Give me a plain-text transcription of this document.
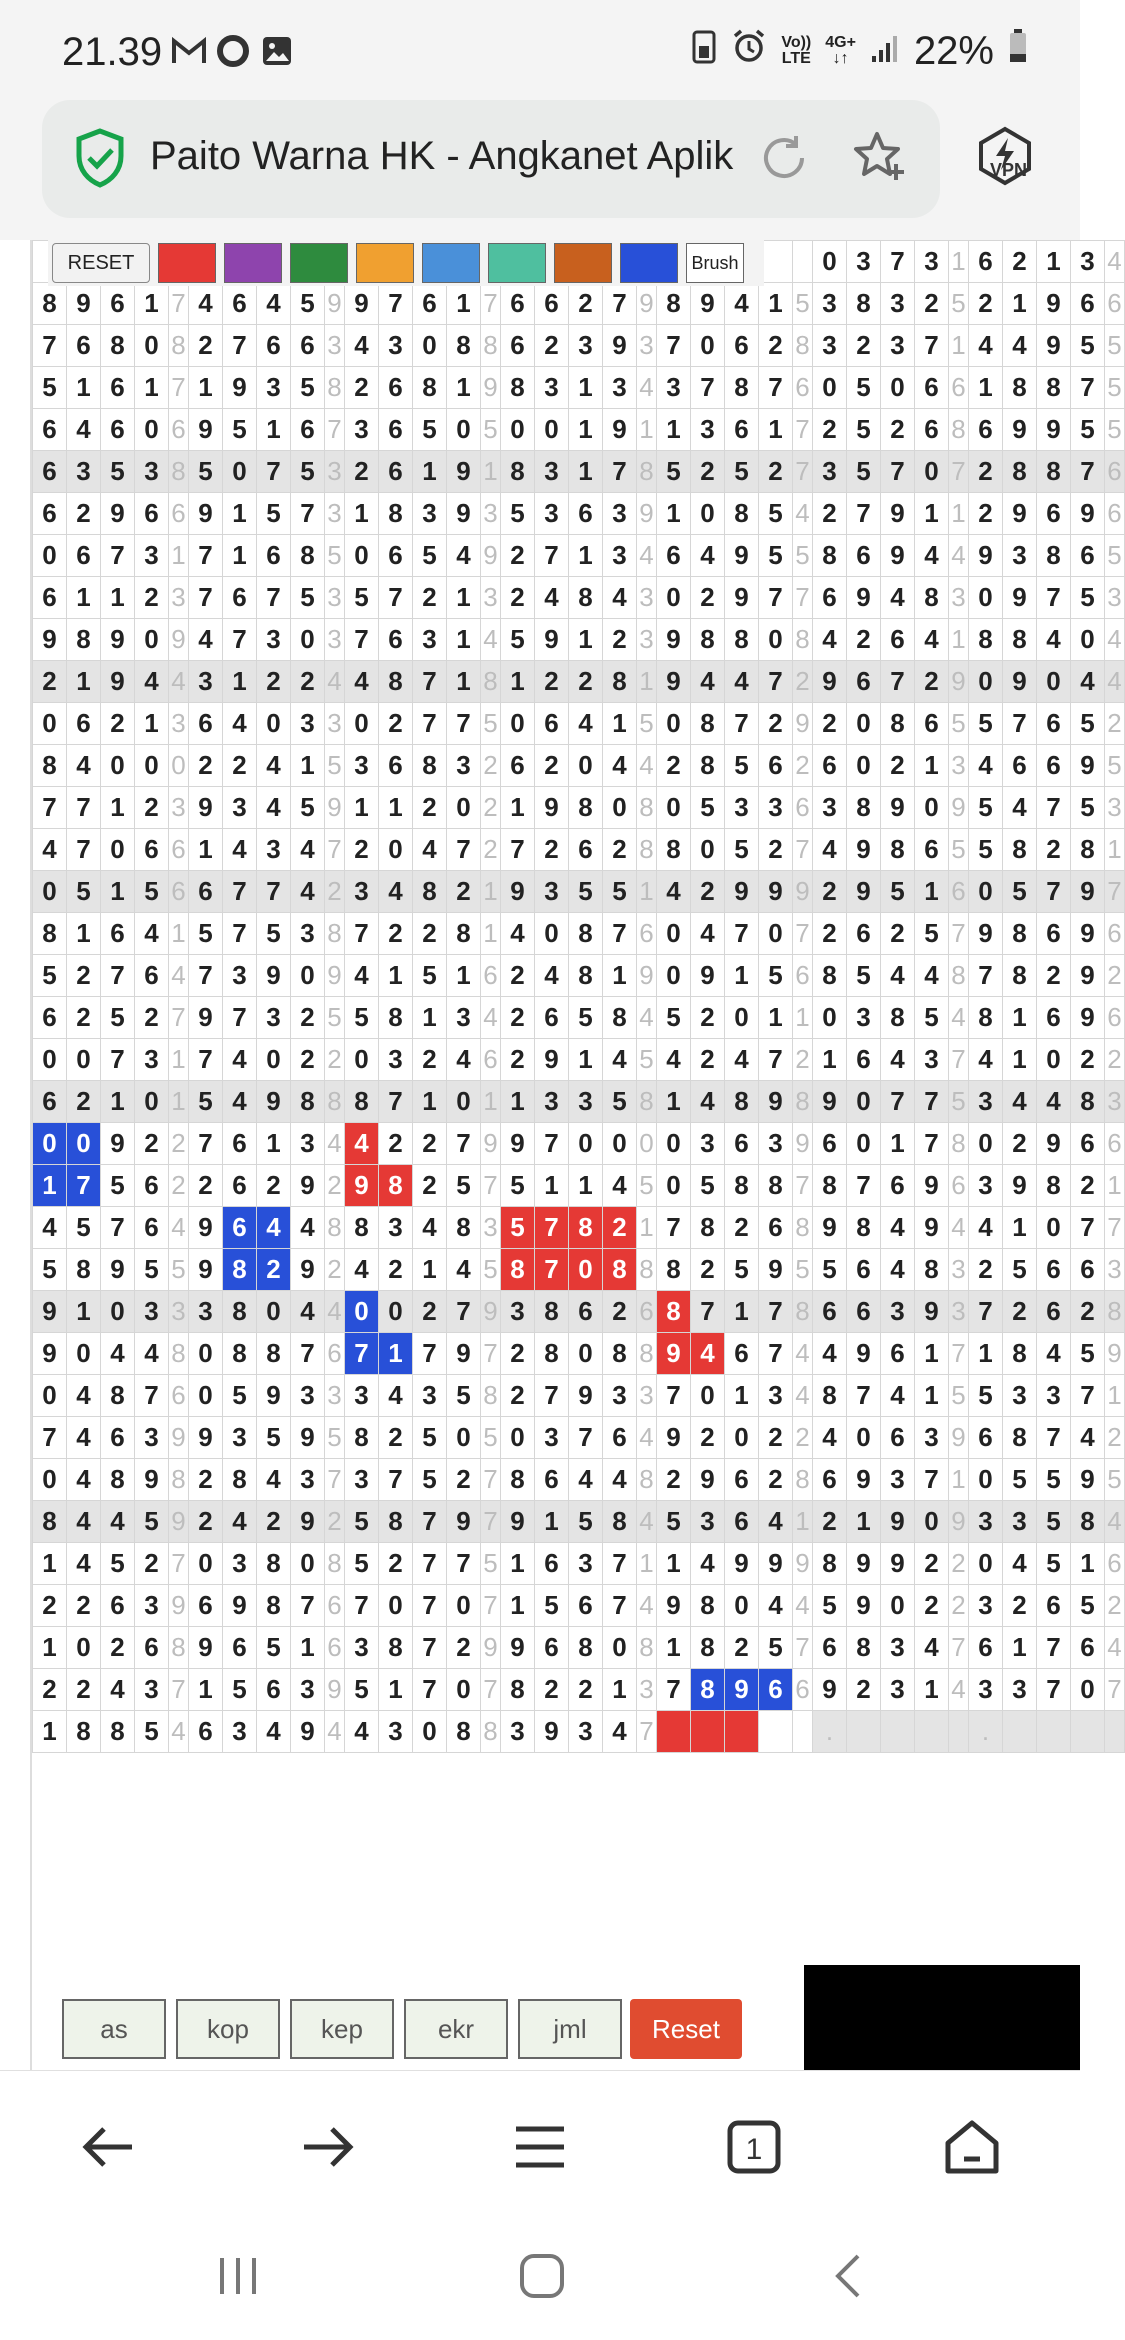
21.39	Vo))
LTE
4G+
↓↑ 22%
Paito Warna HK - Angkanet Aplik	VPN
																									0	3	7	3	1	6	2	1	3	4
8	9	6	1	7	4	6	4	5	9	9	7	6	1	7	6	6	2	7	9	8	9	4	1	5	3	8	3	2	5	2	1	9	6	6
7	6	8	0	8	2	7	6	6	3	4	3	0	8	8	6	2	3	9	3	7	0	6	2	8	3	2	3	7	1	4	4	9	5	5
5	1	6	1	7	1	9	3	5	8	2	6	8	1	9	8	3	1	3	4	3	7	8	7	6	0	5	0	6	6	1	8	8	7	5
6	4	6	0	6	9	5	1	6	7	3	6	5	0	5	0	0	1	9	1	1	3	6	1	7	2	5	2	6	8	6	9	9	5	5
6	3	5	3	8	5	0	7	5	3	2	6	1	9	1	8	3	1	7	8	5	2	5	2	7	3	5	7	0	7	2	8	8	7	6
6	2	9	6	6	9	1	5	7	3	1	8	3	9	3	5	3	6	3	9	1	0	8	5	4	2	7	9	1	1	2	9	6	9	6
0	6	7	3	1	7	1	6	8	5	0	6	5	4	9	2	7	1	3	4	6	4	9	5	5	8	6	9	4	4	9	3	8	6	5
6	1	1	2	3	7	6	7	5	3	5	7	2	1	3	2	4	8	4	3	0	2	9	7	7	6	9	4	8	3	0	9	7	5	3
9	8	9	0	9	4	7	3	0	3	7	6	3	1	4	5	9	1	2	3	9	8	8	0	8	4	2	6	4	1	8	8	4	0	4
2	1	9	4	4	3	1	2	2	4	4	8	7	1	8	1	2	2	8	1	9	4	4	7	2	9	6	7	2	9	0	9	0	4	4
0	6	2	1	3	6	4	0	3	3	0	2	7	7	5	0	6	4	1	5	0	8	7	2	9	2	0	8	6	5	5	7	6	5	2
8	4	0	0	0	2	2	4	1	5	3	6	8	3	2	6	2	0	4	4	2	8	5	6	2	6	0	2	1	3	4	6	6	9	5
7	7	1	2	3	9	3	4	5	9	1	1	2	0	2	1	9	8	0	8	0	5	3	3	6	3	8	9	0	9	5	4	7	5	3
4	7	0	6	6	1	4	3	4	7	2	0	4	7	2	7	2	6	2	8	8	0	5	2	7	4	9	8	6	5	5	8	2	8	1
0	5	1	5	6	6	7	7	4	2	3	4	8	2	1	9	3	5	5	1	4	2	9	9	9	2	9	5	1	6	0	5	7	9	7
8	1	6	4	1	5	7	5	3	8	7	2	2	8	1	4	0	8	7	6	0	4	7	0	7	2	6	2	5	7	9	8	6	9	6
5	2	7	6	4	7	3	9	0	9	4	1	5	1	6	2	4	8	1	9	0	9	1	5	6	8	5	4	4	8	7	8	2	9	2
6	2	5	2	7	9	7	3	2	5	5	8	1	3	4	2	6	5	8	4	5	2	0	1	1	0	3	8	5	4	8	1	6	9	6
0	0	7	3	1	7	4	0	2	2	0	3	2	4	6	2	9	1	4	5	4	2	4	7	2	1	6	4	3	7	4	1	0	2	2
6	2	1	0	1	5	4	9	8	8	8	7	1	0	1	1	3	3	5	8	1	4	8	9	8	9	0	7	7	5	3	4	4	8	3
0	0	9	2	2	7	6	1	3	4	4	2	2	7	9	9	7	0	0	0	0	3	6	3	9	6	0	1	7	8	0	2	9	6	6
1	7	5	6	2	2	6	2	9	2	9	8	2	5	7	5	1	1	4	5	0	5	8	8	7	8	7	6	9	6	3	9	8	2	1
4	5	7	6	4	9	6	4	4	8	8	3	4	8	3	5	7	8	2	1	7	8	2	6	8	9	8	4	9	4	4	1	0	7	7
5	8	9	5	5	9	8	2	9	2	4	2	1	4	5	8	7	0	8	8	8	2	5	9	5	5	6	4	8	3	2	5	6	6	3
9	1	0	3	3	3	8	0	4	4	0	0	2	7	9	3	8	6	2	6	8	7	1	7	8	6	6	3	9	3	7	2	6	2	8
9	0	4	4	8	0	8	8	7	6	7	1	7	9	7	2	8	0	8	8	9	4	6	7	4	4	9	6	1	7	1	8	4	5	9
0	4	8	7	6	0	5	9	3	3	3	4	3	5	8	2	7	9	3	3	7	0	1	3	4	8	7	4	1	5	5	3	3	7	1
7	4	6	3	9	9	3	5	9	5	8	2	5	0	5	0	3	7	6	4	9	2	0	2	2	4	0	6	3	9	6	8	7	4	2
0	4	8	9	8	2	8	4	3	7	3	7	5	2	7	8	6	4	4	8	2	9	6	2	8	6	9	3	7	1	0	5	5	9	5
8	4	4	5	9	2	4	2	9	2	5	8	7	9	7	9	1	5	8	4	5	3	6	4	1	2	1	9	0	9	3	3	5	8	4
1	4	5	2	7	0	3	8	0	8	5	2	7	7	5	1	6	3	7	1	1	4	9	9	9	8	9	9	2	2	0	4	5	1	6
2	2	6	3	9	6	9	8	7	6	7	0	7	0	7	1	5	6	7	4	9	8	0	4	4	5	9	0	2	2	3	2	6	5	2
1	0	2	6	8	9	6	5	1	6	3	8	7	2	9	9	6	8	0	8	1	8	2	5	7	6	8	3	4	7	6	1	7	6	4
2	2	4	3	7	1	5	6	3	9	5	1	7	0	7	8	2	2	1	3	7	8	9	6	6	9	2	3	1	4	3	3	7	0	7
1	8	8	5	4	6	3	4	9	4	4	3	0	8	8	3	9	3	4	7						.					.				
RESET	Brush
as	kop	kep	ekr	jml	Reset
1
